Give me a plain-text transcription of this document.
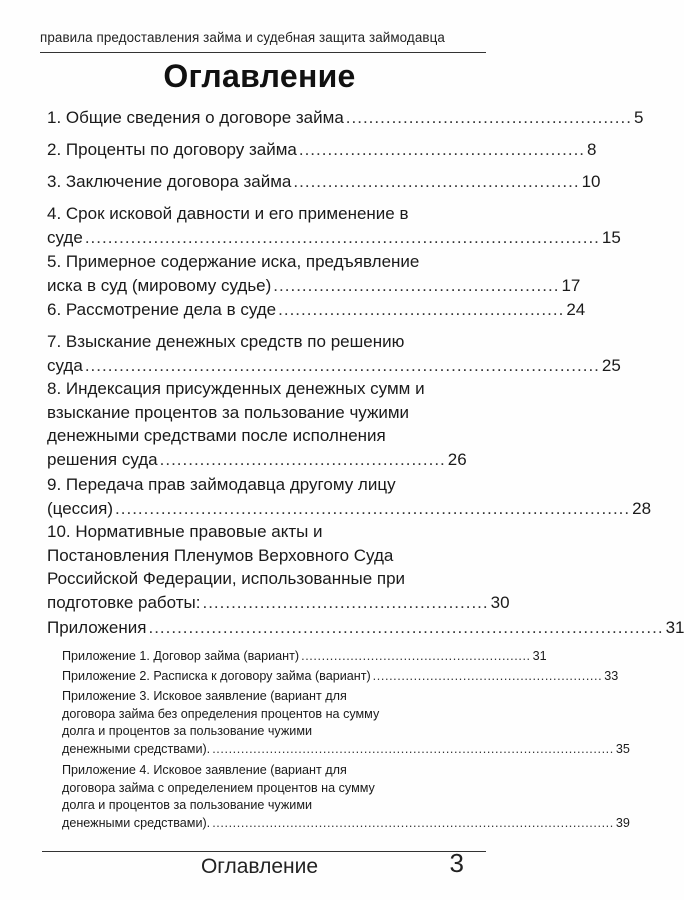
правила предоставления займа и судебная защита займодавца
Оглавление
1. Общие сведения о договоре займа .................................................. 5
2. Проценты по договору займа .................................................. 8
3. Заключение договора займа .................................................. 10
4. Срок исковой давности и его применение в
суде .......................................................................................... 15
5. Примерное содержание иска, предъявление
иска в суд (мировому судье) .................................................. 17
6. Рассмотрение дела в суде .................................................. 24
7. Взыскание денежных средств по решению
суда .......................................................................................... 25
8. Индексация присужденных денежных сумм и
взыскание процентов за пользование чужими
денежными средствами после исполнения
решения суда .................................................. 26
9. Передача прав займодавца другому лицу
(цессия) .......................................................................................... 28
10. Нормативные правовые акты и
Постановления Пленумов Верховного Суда
Российской Федерации, использованные при
подготовке работы: .................................................. 30
Приложения .......................................................................................... 31
Приложение 1. Договор займа (вариант) ........................................................ 31
Приложение 2. Расписка к договору займа (вариант) ........................................................ 33
Приложение 3. Исковое заявление (вариант для
договора займа без определения процентов на сумму
долга и процентов за пользование чужими
денежными средствами). .................................................................................................. 35
Приложение 4. Исковое заявление (вариант для
договора займа с определением процентов на сумму
долга и процентов за пользование чужими
денежными средствами). .................................................................................................. 39
Оглавление	3
